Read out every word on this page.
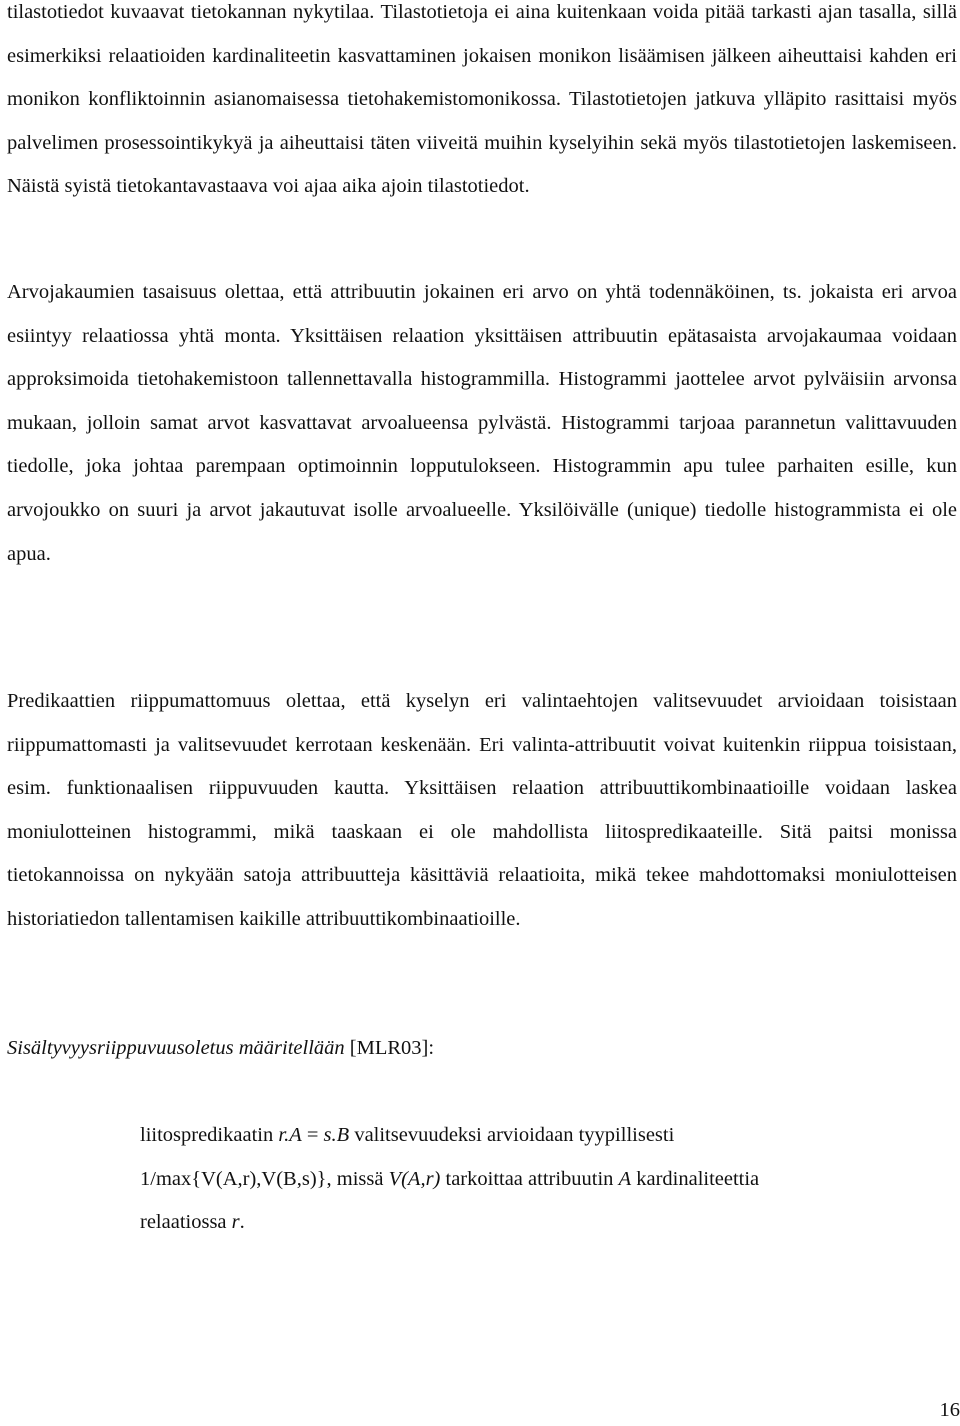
tilastotiedot kuvaavat tietokannan nykytilaa. Tilastotietoja ei aina kuitenkaan voida pitää tarkasti ajan tasalla, sillä esimerkiksi relaatioiden kardinaliteetin kasvattaminen jokaisen monikon lisäämisen jälkeen aiheuttaisi kahden eri monikon konfliktoinnin asianomaisessa tietohakemistomonikossa. Tilastotietojen jatkuva ylläpito rasittaisi myös palvelimen prosessointikykyä ja aiheuttaisi täten viiveitä muihin kyselyihin sekä myös tilastotietojen laskemiseen. Näistä syistä tietokantavastaava voi ajaa aika ajoin tilastotiedot.

Arvojakaumien tasaisuus olettaa, että attribuutin jokainen eri arvo on yhtä todennäköinen, ts. jokaista eri arvoa esiintyy relaatiossa yhtä monta. Yksittäisen relaation yksittäisen attribuutin epätasaista arvojakaumaa voidaan approksimoida tietohakemistoon tallennettavalla histogrammilla. Histogrammi jaottelee arvot pylväisiin arvonsa mukaan, jolloin samat arvot kasvattavat arvoalueensa pylvästä. Histogrammi tarjoaa parannetun valittavuuden tiedolle, joka johtaa parempaan optimoinnin lopputulokseen. Histogrammin apu tulee parhaiten esille, kun arvojoukko on suuri ja arvot jakautuvat isolle arvoalueelle. Yksilöivälle (unique) tiedolle histogrammista ei ole apua.

Predikaattien riippumattomuus olettaa, että kyselyn eri valintaehtojen valitsevuudet arvioidaan toisistaan riippumattomasti ja valitsevuudet kerrotaan keskenään. Eri valinta-attribuutit voivat kuitenkin riippua toisistaan, esim. funktionaalisen riippuvuuden kautta. Yksittäisen relaation attribuuttikombinaatioille voidaan laskea moniulotteinen histogrammi, mikä taaskaan ei ole mahdollista liitospredikaateille. Sitä paitsi monissa tietokannoissa on nykyään satoja attribuutteja käsittäviä relaatioita, mikä tekee mahdottomaksi moniulotteisen historiatiedon tallentamisen kaikille attribuuttikombinaatioille.

Sisältyvyysriippuvuusoletus määritellään [MLR03]:

liitospredikaatin r.A = s.B valitsevuudeksi arvioidaan tyypillisesti
1/max{V(A,r),V(B,s)}, missä V(A,r) tarkoittaa attribuutin A kardinaliteettia
relaatiossa r.

16
